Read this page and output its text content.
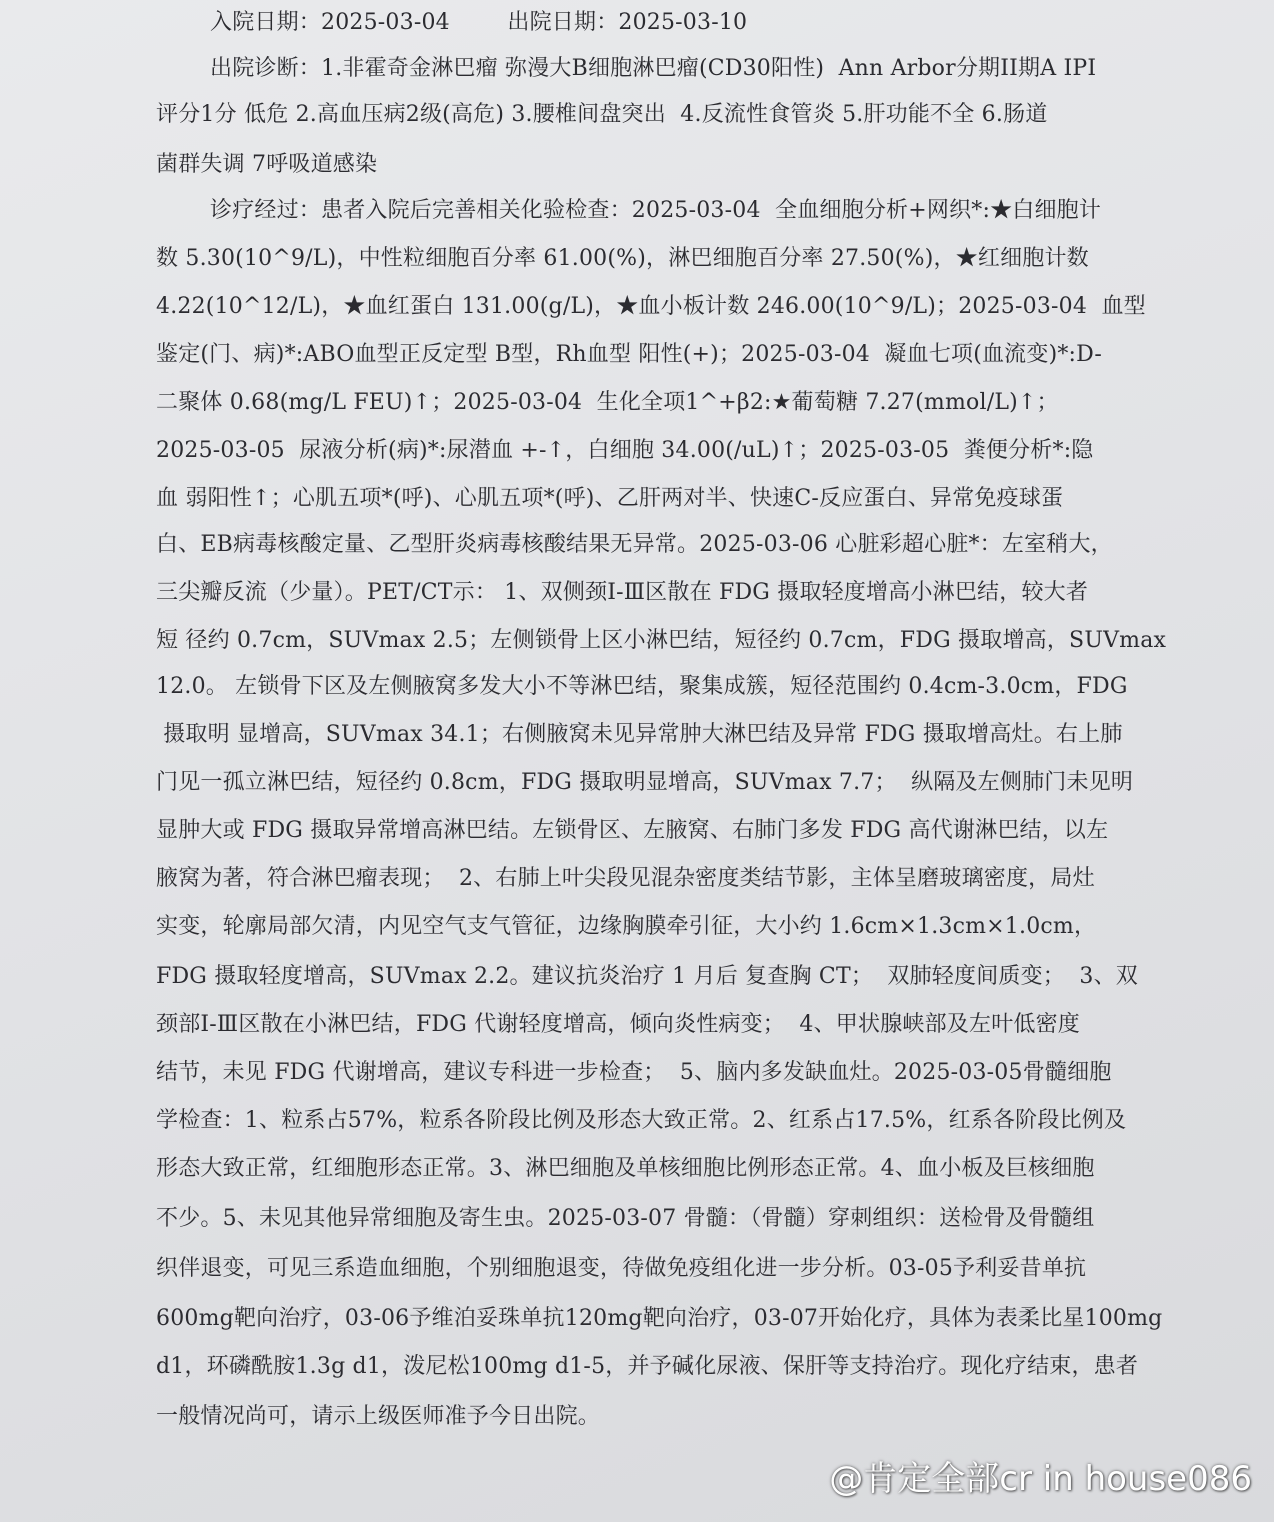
入院日期：2025-03-04        出院日期：2025-03-10
出院诊断：1.非霍奇金淋巴瘤 弥漫大B细胞淋巴瘤(CD30阳性)  Ann Arbor分期II期A IPI
评分1分 低危 2.高血压病2级(高危) 3.腰椎间盘突出  4.反流性食管炎 5.肝功能不全 6.肠道
菌群失调 7呼吸道感染
诊疗经过：患者入院后完善相关化验检查：2025-03-04  全血细胞分析+网织*:★白细胞计
数 5.30(10^9/L)，中性粒细胞百分率 61.00(%)，淋巴细胞百分率 27.50(%)，★红细胞计数
4.22(10^12/L)，★血红蛋白 131.00(g/L)，★血小板计数 246.00(10^9/L)；2025-03-04  血型
鉴定(门、病)*:ABO血型正反定型 B型，Rh血型 阳性(+)；2025-03-04  凝血七项(血流变)*:D-
二聚体 0.68(mg/L FEU)↑；2025-03-04  生化全项1^+β2:★葡萄糖 7.27(mmol/L)↑；
2025-03-05  尿液分析(病)*:尿潜血 +-↑，白细胞 34.00(/uL)↑；2025-03-05  粪便分析*:隐
血 弱阳性↑；心肌五项*(呼)、心肌五项*(呼)、乙肝两对半、快速C-反应蛋白、异常免疫球蛋
白、EB病毒核酸定量、乙型肝炎病毒核酸结果无异常。2025-03-06 心脏彩超心脏*：左室稍大，
三尖瓣反流（少量）。PET/CT示： 1、双侧颈Ⅰ-Ⅲ区散在 FDG 摄取轻度增高小淋巴结，较大者
短 径约 0.7cm，SUVmax 2.5；左侧锁骨上区小淋巴结，短径约 0.7cm，FDG 摄取增高，SUVmax
12.0。 左锁骨下区及左侧腋窝多发大小不等淋巴结，聚集成簇，短径范围约 0.4cm-3.0cm，FDG
摄取明 显增高，SUVmax 34.1；右侧腋窝未见异常肿大淋巴结及异常 FDG 摄取增高灶。右上肺
门见一孤立淋巴结，短径约 0.8cm，FDG 摄取明显增高，SUVmax 7.7；  纵隔及左侧肺门未见明
显肿大或 FDG 摄取异常增高淋巴结。左锁骨区、左腋窝、右肺门多发 FDG 高代谢淋巴结，以左
腋窝为著，符合淋巴瘤表现；  2、右肺上叶尖段见混杂密度类结节影，主体呈磨玻璃密度，局灶
实变，轮廓局部欠清，内见空气支气管征，边缘胸膜牵引征，大小约 1.6cm×1.3cm×1.0cm，
FDG 摄取轻度增高，SUVmax 2.2。建议抗炎治疗 1 月后 复查胸 CT；  双肺轻度间质变；  3、双
颈部Ⅰ-Ⅲ区散在小淋巴结，FDG 代谢轻度增高，倾向炎性病变；  4、甲状腺峡部及左叶低密度
结节，未见 FDG 代谢增高，建议专科进一步检查；  5、脑内多发缺血灶。2025-03-05骨髓细胞
学检查：1、粒系占57%，粒系各阶段比例及形态大致正常。2、红系占17.5%，红系各阶段比例及
形态大致正常，红细胞形态正常。3、淋巴细胞及单核细胞比例形态正常。4、血小板及巨核细胞
不少。5、未见其他异常细胞及寄生虫。2025-03-07 骨髓：（骨髓）穿刺组织：送检骨及骨髓组
织伴退变，可见三系造血细胞，个别细胞退变，待做免疫组化进一步分析。03-05予利妥昔单抗
600mg靶向治疗，03-06予维泊妥珠单抗120mg靶向治疗，03-07开始化疗，具体为表柔比星100mg
d1，环磷酰胺1.3g d1，泼尼松100mg d1-5，并予碱化尿液、保肝等支持治疗。现化疗结束，患者
一般情况尚可，请示上级医师准予今日出院。
@肯定全部cr in house086
